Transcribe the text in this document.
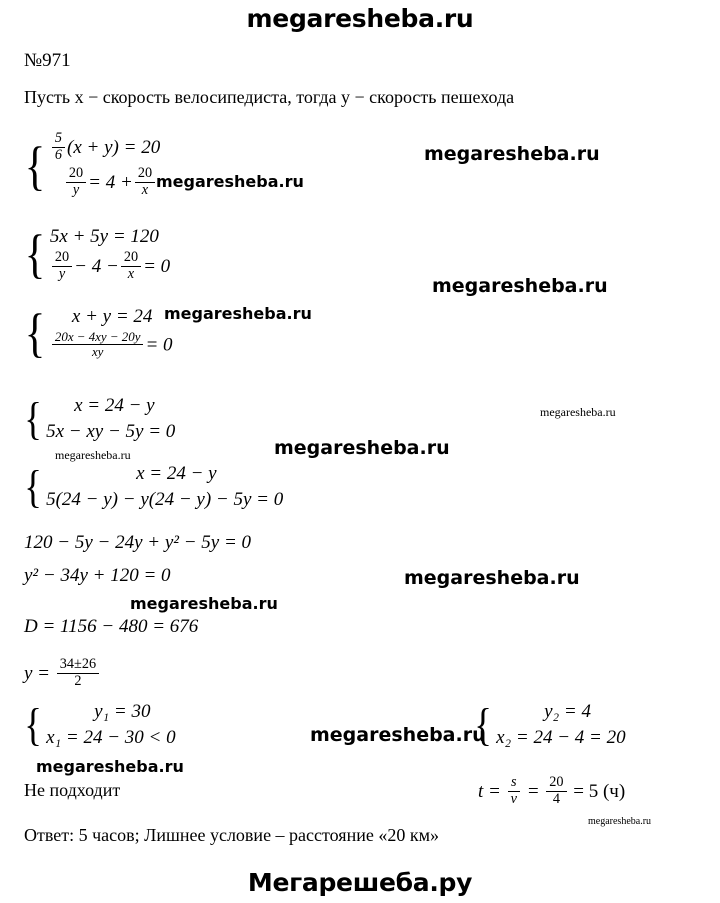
megaresheba.ru
№971
Пусть x − скорость велосипедиста, тогда y − скорость пешехода
{ $\frac{5}{6} (x + y) = 20$
$\frac{20}{y} = 4 + \frac{20}{x}$
{ 5x + 5y = 120
$\frac{20}{y} - 4 - \frac{20}{x} = 0$
{	x + y = 24
$\frac{20x - 4xy - 20y}{xy} = 0$
{	x = 24 − y
5x − xy − 5y = 0
{	x = 24 − y
5(24 − y) − y(24 − y) − 5y = 0
120 − 5y − 24y + y² − 5y = 0
y² − 34y + 120 = 0
D = 1156 − 480 = 676
$y = \frac{34\pm 26}{2}$
{	y₁ = 30
x₁ = 24 − 30 < 0	{	y₂ = 4
x₂ = 24 − 4 = 20
$t = \frac{s}{v} = \frac{20}{4} = 5$ (ч)
Не подходит
Ответ: 5 часов; Лишнее условие – расстояние «20 км»
megaresheba.ru
megaresheba.ru
megaresheba.ru
megaresheba.ru
megaresheba.ru
megaresheba.ru
megaresheba.ru
megaresheba.ru
megaresheba.ru
megaresheba.ru
megaresheba.ru
megaresheba.ru
Мегарешеба.ру
